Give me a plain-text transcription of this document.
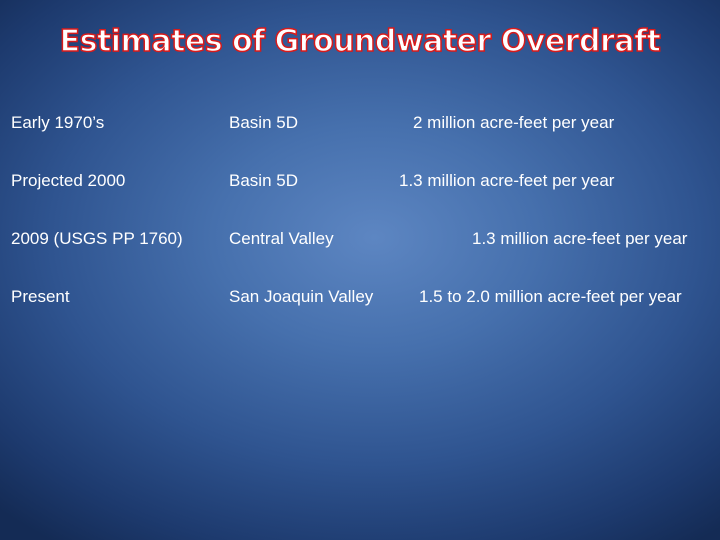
Estimates of Groundwater Overdraft
Early 1970’s	Basin 5D	2 million acre-feet per year
Projected 2000	Basin 5D	1.3 million acre-feet per year
2009 (USGS PP 1760)	Central Valley	1.3 million acre-feet per year
Present	San Joaquin Valley	1.5 to 2.0 million acre-feet per year
